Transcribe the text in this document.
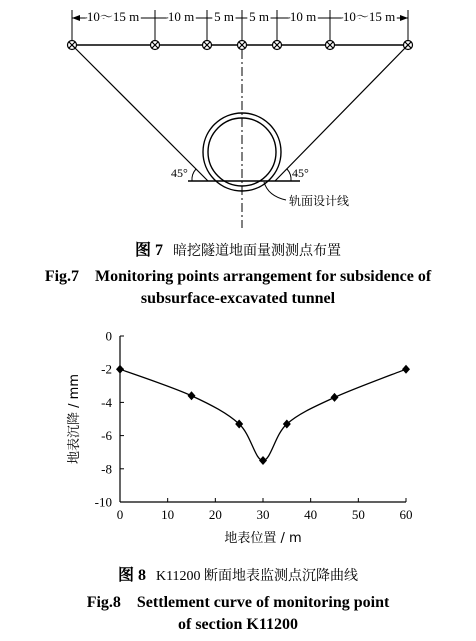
10～15 m 10 m 5 m 5 m 10 m 10～15 m
45°	45°
轨面设计线
图 7 暗挖隧道地面量测测点布置
Fig.7    Monitoring points arrangement for subsidence of
subsurface-excavated tunnel
0	10	20	30	40	50	60
0
-2
-4
-6
-8
-10
地表位置 / m
地表沉降 / mm
图 8 K11200 断面地表监测点沉降曲线
Fig.8    Settlement curve of monitoring point
of section K11200
